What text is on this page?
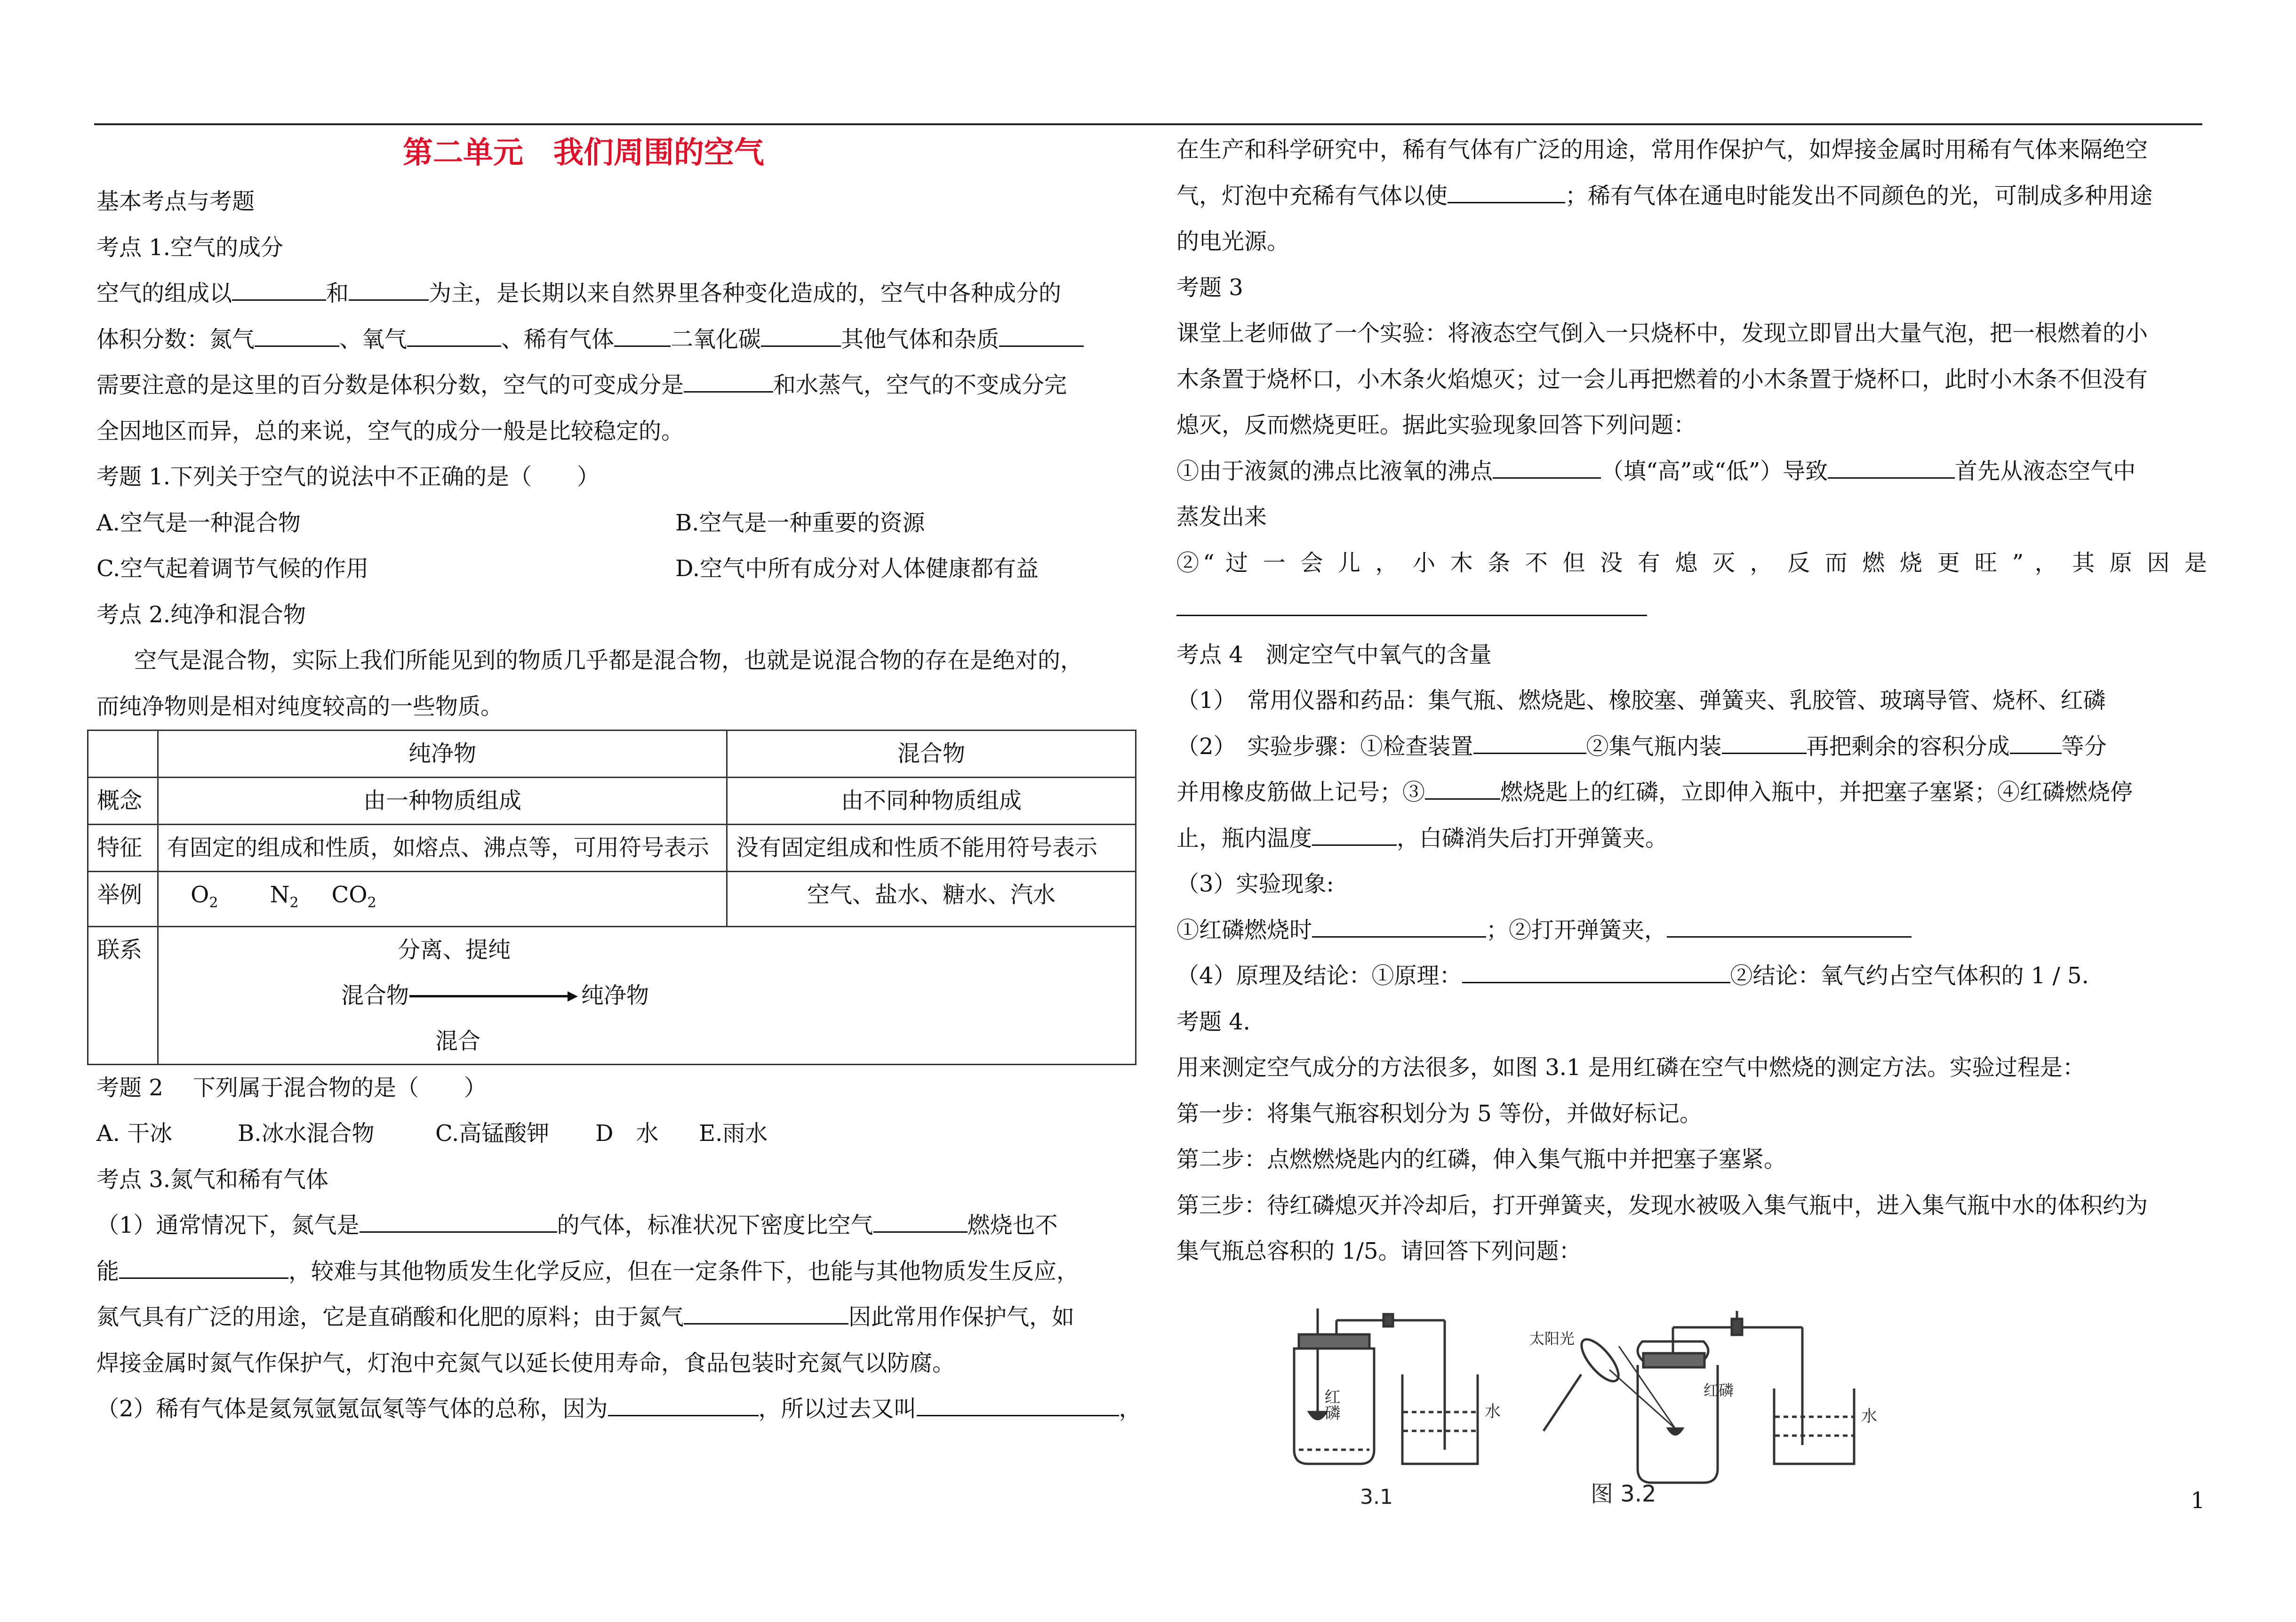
第二单元　我们周围的空气
基本考点与考题
考点 1.空气的成分
空气的组成以	和	为主，是长期以来自然界里各种变化造成的，空气中各种成分的
体积分数：氮气	、氧气	、稀有气体	二氧化碳	其他气体和杂质
需要注意的是这里的百分数是体积分数，空气的可变成分是	和水蒸气，空气的不变成分完
全因地区而异，总的来说，空气的成分一般是比较稳定的。
考题 1.下列关于空气的说法中不正确的是（　　）
A.空气是一种混合物	B.空气是一种重要的资源
C.空气起着调节气候的作用	D.空气中所有成分对人体健康都有益
考点 2.纯净和混合物
空气是混合物，实际上我们所能见到的物质几乎都是混合物，也就是说混合物的存在是绝对的，
而纯净物则是相对纯度较高的一些物质。
	纯净物	混合物
概念	由一种物质组成	由不同种物质组成
特征	有固定的组成和性质，如熔点、沸点等，可用符号表示	没有固定组成和性质不能用符号表示
举例	$O_2$ $N_2$ $CO_2$	空气、盐水、糖水、汽水
联系	分离、提纯
混合物 纯净物
混合	
考题 2　 下列属于混合物的是（　　）
A. 干冰	B.冰水混合物	C.高锰酸钾	D　水	E.雨水
考点 3.氮气和稀有气体
（1）通常情况下，氮气是	的气体，标准状况下密度比空气	燃烧也不
能	，较难与其他物质发生化学反应，但在一定条件下，也能与其他物质发生反应，
氮气具有广泛的用途，它是直硝酸和化肥的原料；由于氮气	因此常用作保护气，如
焊接金属时氮气作保护气，灯泡中充氮气以延长使用寿命，食品包装时充氮气以防腐。
（2）稀有气体是氦氖氩氪氙氡等气体的总称，因为	，所以过去又叫	，
在生产和科学研究中，稀有气体有广泛的用途，常用作保护气，如焊接金属时用稀有气体来隔绝空
气，灯泡中充稀有气体以使	；稀有气体在通电时能发出不同颜色的光，可制成多种用途
的电光源。
考题 3
课堂上老师做了一个实验：将液态空气倒入一只烧杯中，发现立即冒出大量气泡，把一根燃着的小
木条置于烧杯口，小木条火焰熄灭；过一会儿再把燃着的小木条置于烧杯口，此时小木条不但没有
熄灭，反而燃烧更旺。据此实验现象回答下列问题：
①由于液氮的沸点比液氧的沸点	（填“高”或“低”）导致	首先从液态空气中
蒸发出来
②“ 过 一 会 儿 ， 小 木 条 不 但 没 有 熄 灭 ， 反 而 燃 烧 更 旺 ” ， 其 原 因 是
考点 4　测定空气中氧气的含量
（1）　常用仪器和药品：集气瓶、燃烧匙、橡胶塞、弹簧夹、乳胶管、玻璃导管、烧杯、红磷
（2）　实验步骤：①检查装置	②集气瓶内装	再把剩余的容积分成 等分
并用橡皮筋做上记号；③	燃烧匙上的红磷，立即伸入瓶中，并把塞子塞紧；④红磷燃烧停
止，瓶内温度	，白磷消失后打开弹簧夹。
（3）实验现象:
①红磷燃烧时	；②打开弹簧夹，
（4）原理及结论：①原理：	②结论：氧气约占空气体积的 1 / 5.
考题 4．
用来测定空气成分的方法很多，如图 3.1 是用红磷在空气中燃烧的测定方法。实验过程是：
第一步：将集气瓶容积划分为 5 等份，并做好标记。
第二步：点燃燃烧匙内的红磷，伸入集气瓶中并把塞子塞紧。
第三步：待红磷熄灭并冷却后，打开弹簧夹，发现水被吸入集气瓶中，进入集气瓶中水的体积约为
集气瓶总容积的 1/5。请回答下列问题：
红磷	水
3.1
太阳光
红磷
水
图 3.2	1
